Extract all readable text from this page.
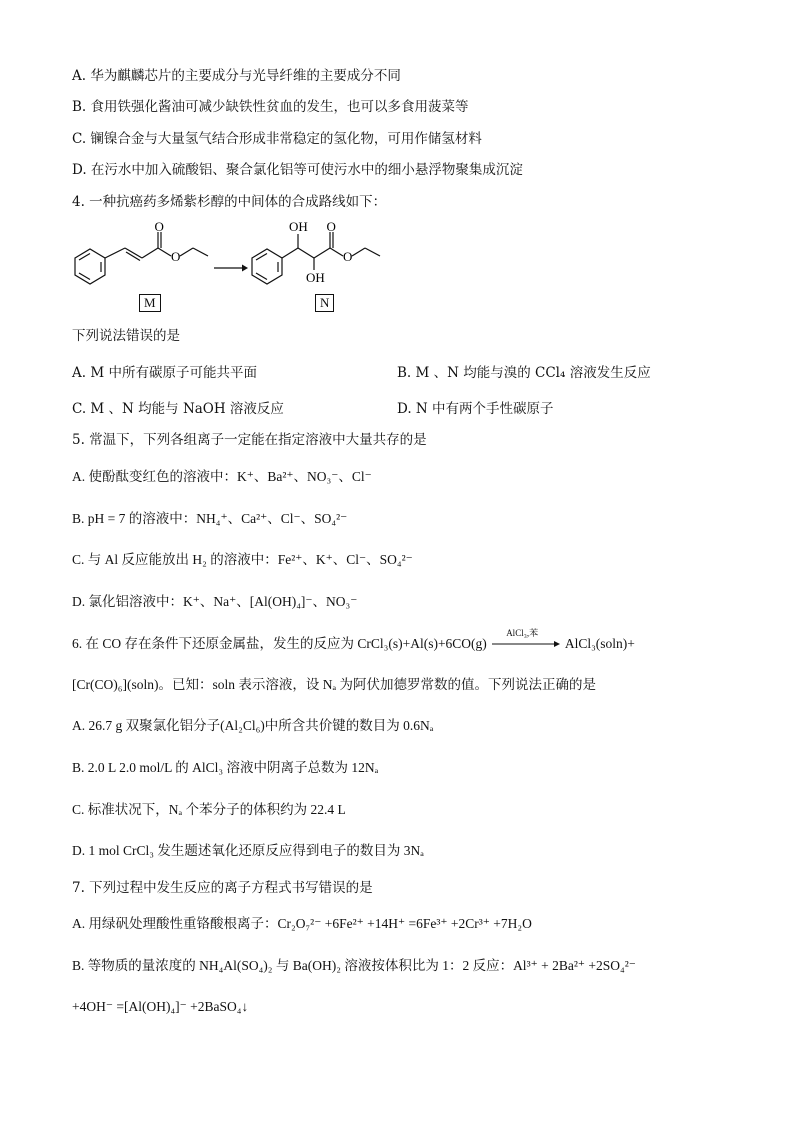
A. 华为麒麟芯片的主要成分与光导纤维的主要成分不同
B. 食用铁强化酱油可减少缺铁性贫血的发生，也可以多食用菠菜等
C. 镧镍合金与大量氢气结合形成非常稳定的氢化物，可用作储氢材料
D. 在污水中加入硫酸铝、聚合氯化铝等可使污水中的细小悬浮物聚集成沉淀
4. 一种抗癌药多烯紫杉醇的中间体的合成路线如下：
O
O
OH
OH
O
O
M	N
下列说法错误的是
A. M 中所有碳原子可能共平面	B. M 、N 均能与溴的 CCl₄ 溶液发生反应
C. M 、N 均能与 NaOH 溶液反应	D. N 中有两个手性碳原子
5. 常温下，下列各组离子一定能在指定溶液中大量共存的是
A. 使酚酞变红色的溶液中：K⁺、Ba²⁺、NO₃⁻、Cl⁻
B. pH = 7 的溶液中：NH₄⁺、Ca²⁺、Cl⁻、SO₄²⁻
C. 与 Al 反应能放出 H₂ 的溶液中：Fe²⁺、K⁺、Cl⁻、SO₄²⁻
D. 氯化铝溶液中：K⁺、Na⁺、[Al(OH)₄]⁻、NO₃⁻
6. 在 CO 存在条件下还原金属盐，发生的反应为 CrCl₃(s)+Al(s)+6CO(g)
AlCl₃,苯
AlCl₃(soln)+
[Cr(CO)₆](soln)。已知：soln 表示溶液，设 Nₐ 为阿伏加德罗常数的值。下列说法正确的是
A. 26.7 g 双聚氯化铝分子(Al₂Cl₆)中所含共价键的数目为 0.6Nₐ
B. 2.0 L 2.0 mol/L 的 AlCl₃ 溶液中阴离子总数为 12Nₐ
C. 标准状况下，Nₐ 个苯分子的体积约为 22.4 L
D. 1 mol CrCl₃ 发生题述氧化还原反应得到电子的数目为 3Nₐ
7. 下列过程中发生反应的离子方程式书写错误的是
A. 用绿矾处理酸性重铬酸根离子：Cr₂O₇²⁻ +6Fe²⁺ +14H⁺ =6Fe³⁺ +2Cr³⁺ +7H₂O
B. 等物质的量浓度的 NH₄Al(SO₄)₂ 与 Ba(OH)₂ 溶液按体积比为 1：2 反应：Al³⁺ + 2Ba²⁺ +2SO₄²⁻
+4OH⁻ =[Al(OH)₄]⁻ +2BaSO₄↓
